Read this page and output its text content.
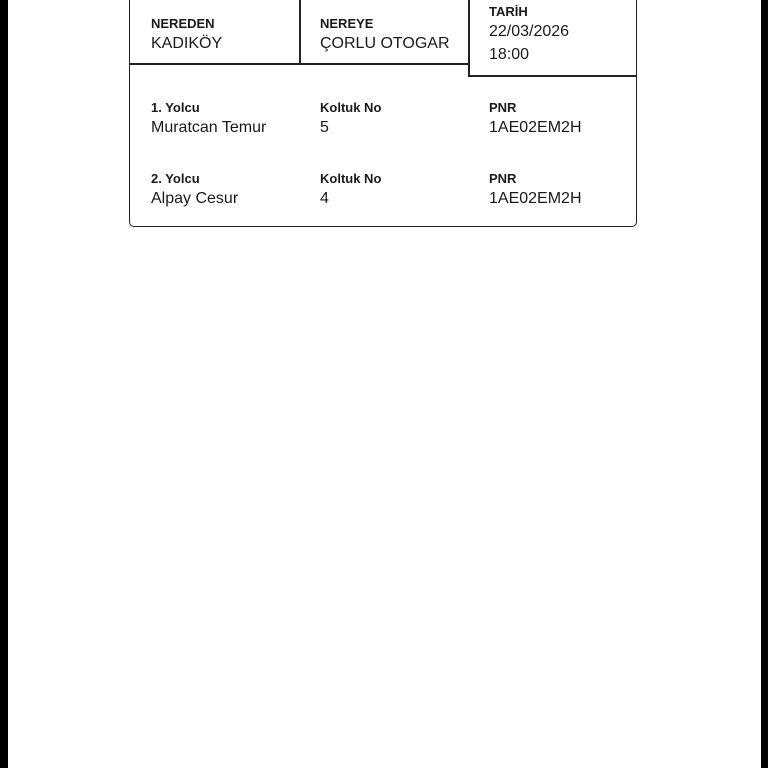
NEREDEN
KADIKÖY
NEREYE
ÇORLU OTOGAR
TARİH
22/03/2026
18:00
1. Yolcu
Muratcan Temur
Koltuk No
5
PNR
1AE02EM2H
2. Yolcu
Alpay Cesur
Koltuk No
4
PNR
1AE02EM2H
